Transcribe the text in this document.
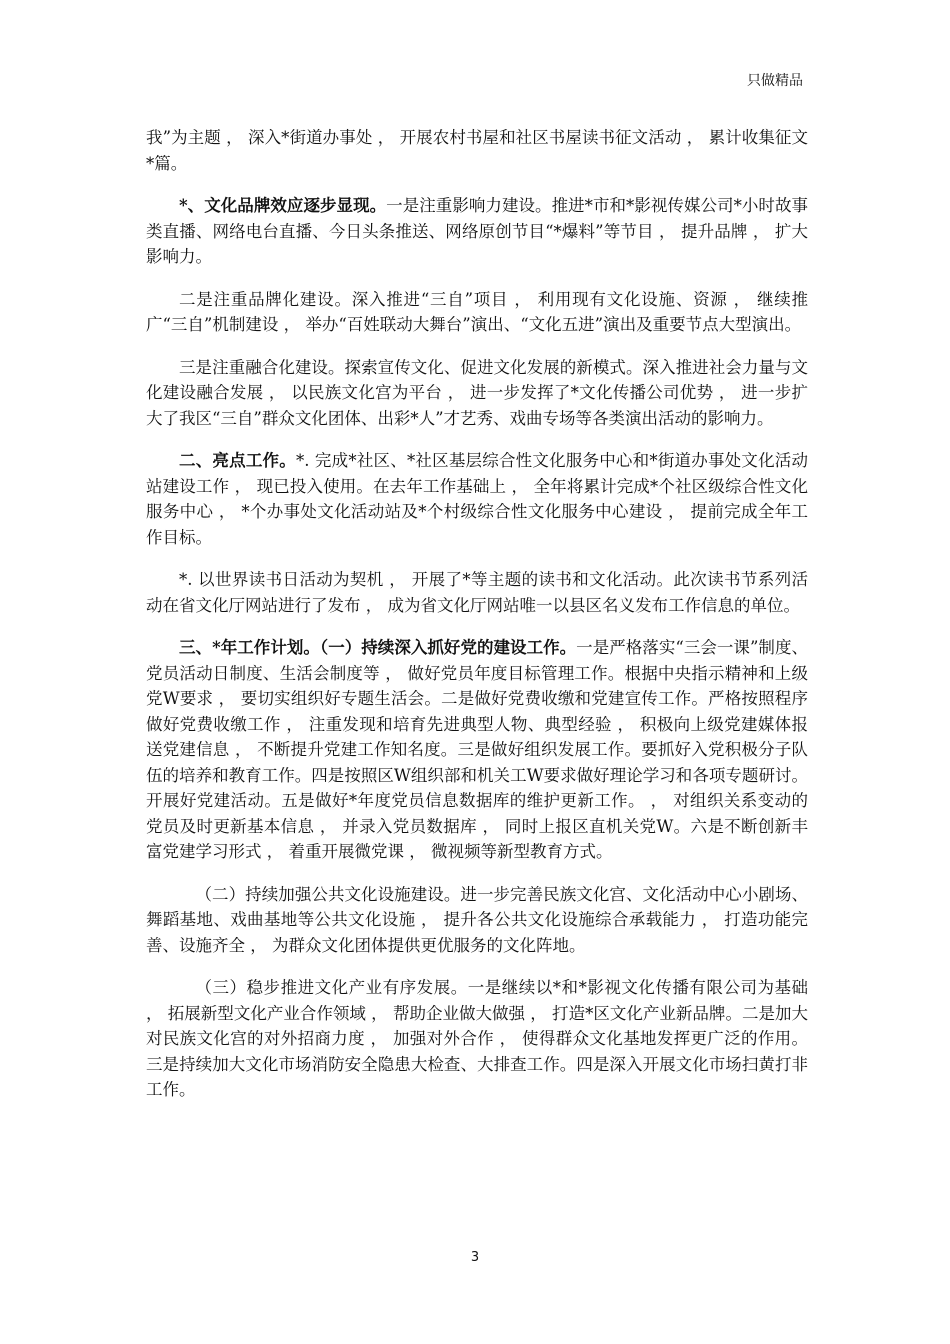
只做精品

我”为主题 ， 深入*街道办事处 ， 开展农村书屋和社区书屋读书征文活动 ， 累计收集征文*篇。

*、文化品牌效应逐步显现。一是注重影响力建设。推进*市和*影视传媒公司*小时故事类直播、网络电台直播、今日头条推送、网络原创节目“*爆料”等节目 ， 提升品牌 ， 扩大影响力。

二是注重品牌化建设。深入推进“三自”项目 ， 利用现有文化设施、资源 ， 继续推广“三自”机制建设 ， 举办“百姓联动大舞台”演出、“文化五进”演出及重要节点大型演出。

三是注重融合化建设。探索宣传文化、促进文化发展的新模式。深入推进社会力量与文化建设融合发展 ， 以民族文化宫为平台 ， 进一步发挥了*文化传播公司优势 ， 进一步扩大了我区“三自”群众文化团体、出彩*人”才艺秀、戏曲专场等各类演出活动的影响力。

二、亮点工作。*. 完成*社区、*社区基层综合性文化服务中心和*街道办事处文化活动站建设工作 ， 现已投入使用。在去年工作基础上 ， 全年将累计完成*个社区级综合性文化服务中心 ， *个办事处文化活动站及*个村级综合性文化服务中心建设 ， 提前完成全年工作目标。

*. 以世界读书日活动为契机 ， 开展了*等主题的读书和文化活动。此次读书节系列活动在省文化厅网站进行了发布 ， 成为省文化厅网站唯一以县区名义发布工作信息的单位。

三、*年工作计划。（一）持续深入抓好党的建设工作。一是严格落实“三会一课”制度、党员活动日制度、生活会制度等 ， 做好党员年度目标管理工作。根据中央指示精神和上级党W要求 ， 要切实组织好专题生活会。二是做好党费收缴和党建宣传工作。严格按照程序做好党费收缴工作 ， 注重发现和培育先进典型人物、典型经验 ， 积极向上级党建媒体报送党建信息 ， 不断提升党建工作知名度。三是做好组织发展工作。要抓好入党积极分子队伍的培养和教育工作。四是按照区W组织部和机关工W要求做好理论学习和各项专题研讨。开展好党建活动。五是做好*年度党员信息数据库的维护更新工作。 ， 对组织关系变动的党员及时更新基本信息 ， 并录入党员数据库 ， 同时上报区直机关党W。六是不断创新丰富党建学习形式 ， 着重开展微党课 ， 微视频等新型教育方式。

（二）持续加强公共文化设施建设。进一步完善民族文化宫、文化活动中心小剧场、舞蹈基地、戏曲基地等公共文化设施 ， 提升各公共文化设施综合承载能力 ， 打造功能完善、设施齐全 ， 为群众文化团体提供更优服务的文化阵地。

（三）稳步推进文化产业有序发展。一是继续以*和*影视文化传播有限公司为基础 ， 拓展新型文化产业合作领域 ， 帮助企业做大做强 ， 打造*区文化产业新品牌。二是加大对民族文化宫的对外招商力度 ， 加强对外合作 ， 使得群众文化基地发挥更广泛的作用。三是持续加大文化市场消防安全隐患大检查、大排查工作。四是深入开展文化市场扫黄打非工作。

3
